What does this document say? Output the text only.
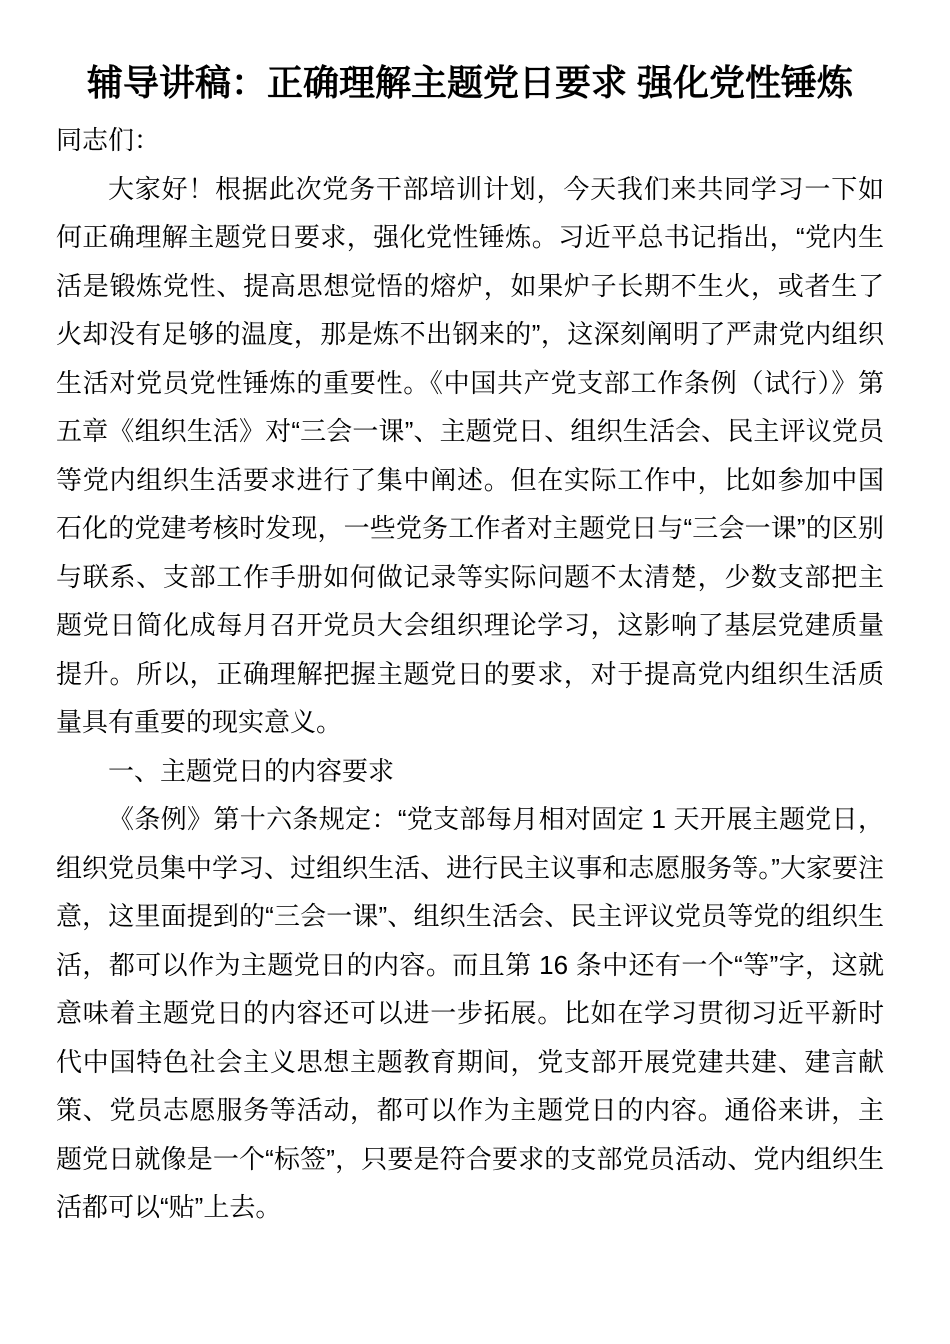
辅导讲稿：正确理解主题党日要求 强化党性锤炼

同志们：

大家好！根据此次党务干部培训计划，今天我们来共同学习一下如何正确理解主题党日要求，强化党性锤炼。习近平总书记指出，“党内生活是锻炼党性、提高思想觉悟的熔炉，如果炉子长期不生火，或者生了火却没有足够的温度，那是炼不出钢来的”，这深刻阐明了严肃党内组织生活对党员党性锤炼的重要性。《中国共产党支部工作条例（试行）》第五章《组织生活》对“三会一课”、主题党日、组织生活会、民主评议党员等党内组织生活要求进行了集中阐述。但在实际工作中，比如参加中国石化的党建考核时发现，一些党务工作者对主题党日与“三会一课”的区别与联系、支部工作手册如何做记录等实际问题不太清楚，少数支部把主题党日简化成每月召开党员大会组织理论学习，这影响了基层党建质量提升。所以，正确理解把握主题党日的要求，对于提高党内组织生活质量具有重要的现实意义。

一、主题党日的内容要求

《条例》第十六条规定：“党支部每月相对固定 1 天开展主题党日，组织党员集中学习、过组织生活、进行民主议事和志愿服务等。”大家要注意，这里面提到的“三会一课”、组织生活会、民主评议党员等党的组织生活，都可以作为主题党日的内容。而且第 16 条中还有一个“等”字，这就意味着主题党日的内容还可以进一步拓展。比如在学习贯彻习近平新时代中国特色社会主义思想主题教育期间，党支部开展党建共建、建言献策、党员志愿服务等活动，都可以作为主题党日的内容。通俗来讲，主题党日就像是一个“标签”，只要是符合要求的支部党员活动、党内组织生活都可以“贴”上去。
